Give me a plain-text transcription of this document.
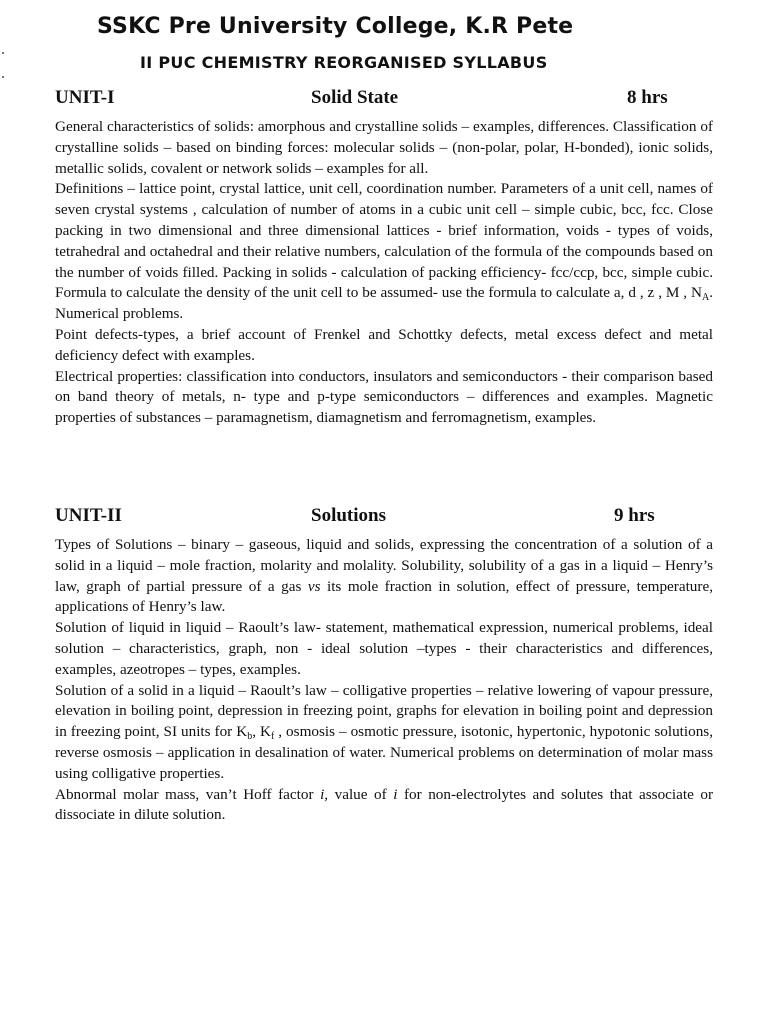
SSKC Pre University College, K.R Pete
II PUC CHEMISTRY REORGANISED SYLLABUS
UNIT-I	Solid State	8 hrs

General characteristics of solids: amorphous and crystalline solids – examples, differences. Classification of crystalline solids – based on binding forces: molecular solids – (non-polar, polar, H-bonded), ionic solids, metallic solids, covalent or network solids – examples for all.

Definitions – lattice point, crystal lattice, unit cell, coordination number. Parameters of a unit cell, names of seven crystal systems , calculation of number of atoms in a cubic unit cell – simple cubic, bcc, fcc. Close packing in two dimensional and three dimensional lattices - brief information, voids - types of voids, tetrahedral and octahedral and their relative numbers, calculation of the formula of the compounds based on the number of voids filled. Packing in solids - calculation of packing efficiency- fcc/ccp, bcc, simple cubic. Formula to calculate the density of the unit cell to be assumed- use the formula to calculate a, d , z , M , $N_A$. Numerical problems.

Point defects-types, a brief account of Frenkel and Schottky defects, metal excess defect and metal deficiency defect with examples.

Electrical properties: classification into conductors, insulators and semiconductors - their comparison based on band theory of metals, n- type and p-type semiconductors – differences and examples. Magnetic properties of substances – paramagnetism, diamagnetism and ferromagnetism, examples.

UNIT-II	Solutions	9 hrs

Types of Solutions – binary – gaseous, liquid and solids, expressing the concentration of a solution of a solid in a liquid – mole fraction, molarity and molality. Solubility, solubility of a gas in a liquid – Henry’s law, graph of partial pressure of a gas vs its mole fraction in solution, effect of pressure, temperature, applications of Henry’s law.

Solution of liquid in liquid – Raoult’s law- statement, mathematical expression, numerical problems, ideal solution – characteristics, graph, non - ideal solution –types - their characteristics and differences, examples, azeotropes – types, examples.

Solution of a solid in a liquid – Raoult’s law – colligative properties – relative lowering of vapour pressure, elevation in boiling point, depression in freezing point, graphs for elevation in boiling point and depression in freezing point, SI units for $K_b$, $K_f$ , osmosis – osmotic pressure, isotonic, hypertonic, hypotonic solutions, reverse osmosis – application in desalination of water. Numerical problems on determination of molar mass using colligative properties.

Abnormal molar mass, van’t Hoff factor i, value of i for non-electrolytes and solutes that associate or dissociate in dilute solution.
